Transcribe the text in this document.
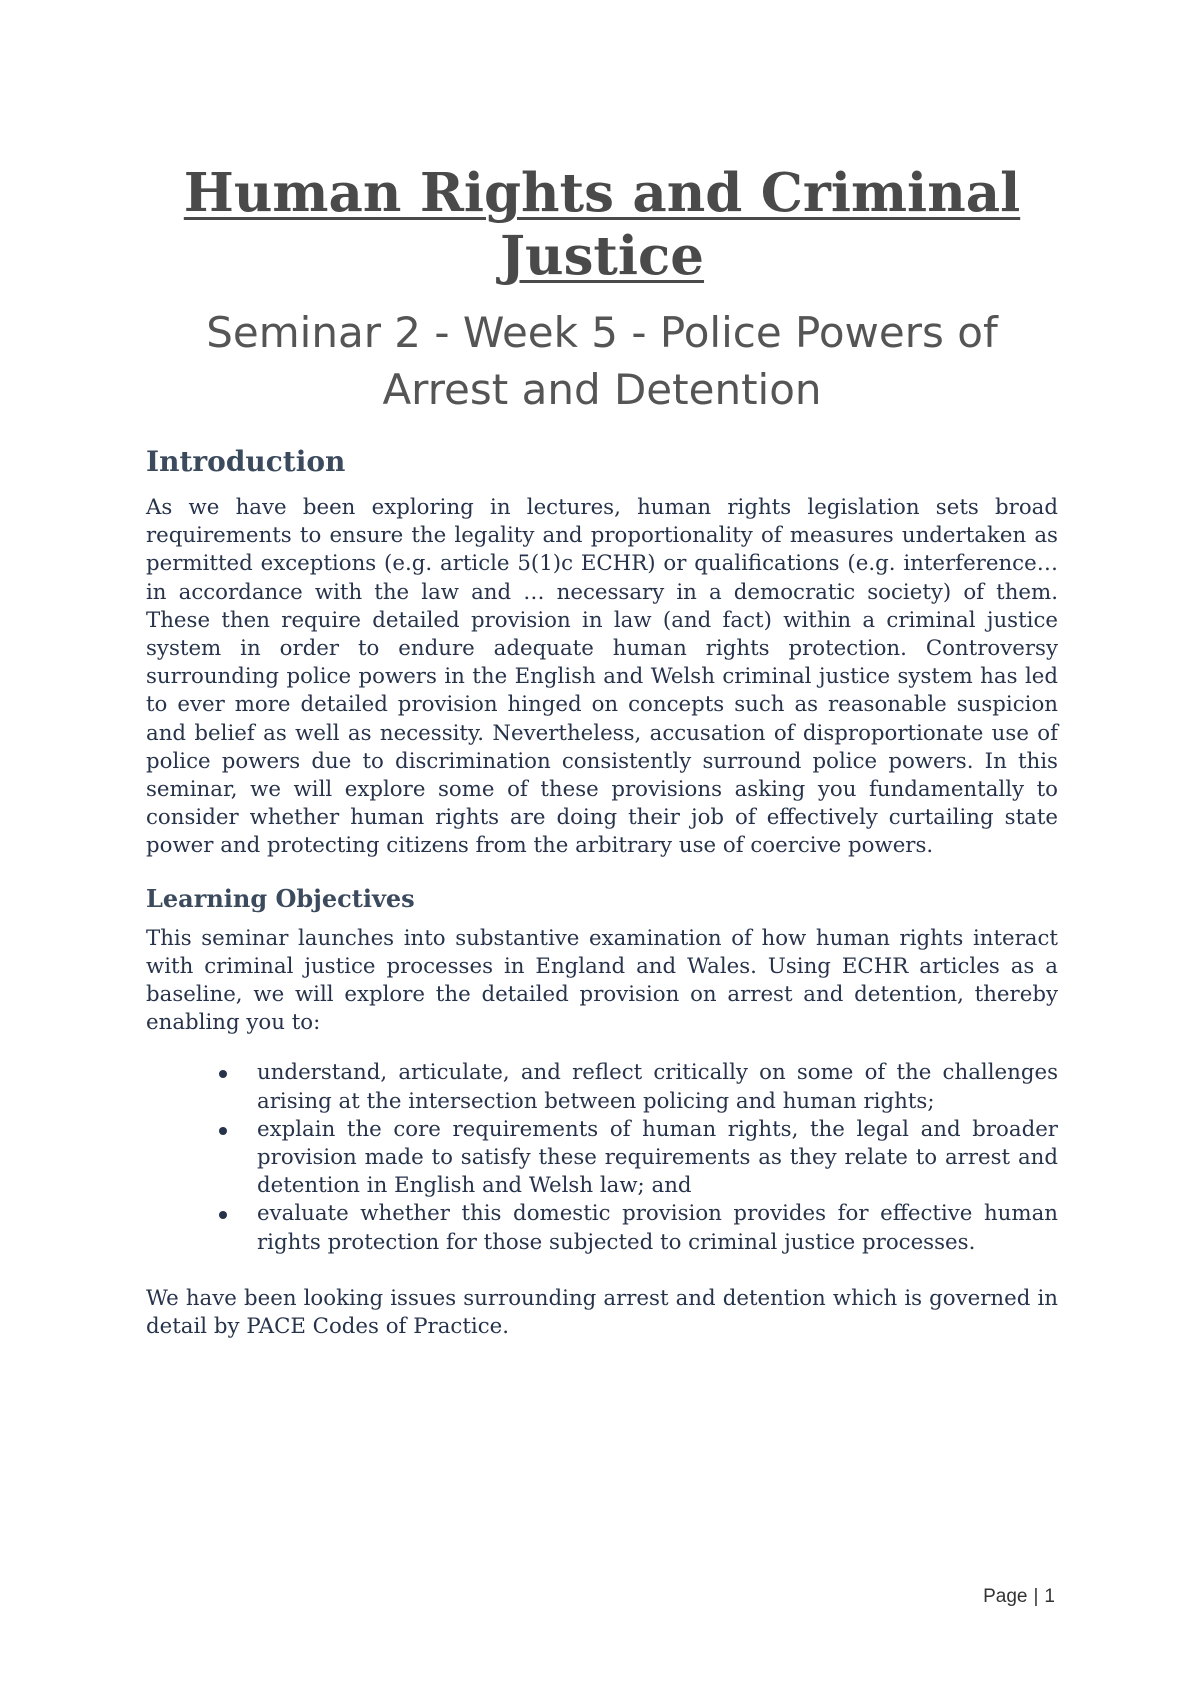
Human Rights and Criminal Justice
Seminar 2 - Week 5 - Police Powers of Arrest and Detention
Introduction

As we have been exploring in lectures, human rights legislation sets broad requirements to ensure the legality and proportionality of measures undertaken as permitted exceptions (e.g. article 5(1)c ECHR) or qualifications (e.g. interference…in accordance with the law and … necessary in a democratic society) of them. These then require detailed provision in law (and fact) within a criminal justice system in order to endure adequate human rights protection. Controversy surrounding police powers in the English and Welsh criminal justice system has led to ever more detailed provision hinged on concepts such as reasonable suspicion and belief as well as necessity. Nevertheless, accusation of disproportionate use of police powers due to discrimination consistently surround police powers. In this seminar, we will explore some of these provisions asking you fundamentally to consider whether human rights are doing their job of effectively curtailing state power and protecting citizens from the arbitrary use of coercive powers.

Learning Objectives

This seminar launches into substantive examination of how human rights interact with criminal justice processes in England and Wales. Using ECHR articles as a baseline, we will explore the detailed provision on arrest and detention, thereby enabling you to:

understand, articulate, and reflect critically on some of the challenges arising at the intersection between policing and human rights;
explain the core requirements of human rights, the legal and broader provision made to satisfy these requirements as they relate to arrest and detention in English and Welsh law; and
evaluate whether this domestic provision provides for effective human rights protection for those subjected to criminal justice processes.

We have been looking issues surrounding arrest and detention which is governed in detail by PACE Codes of Practice.

Page | 1
